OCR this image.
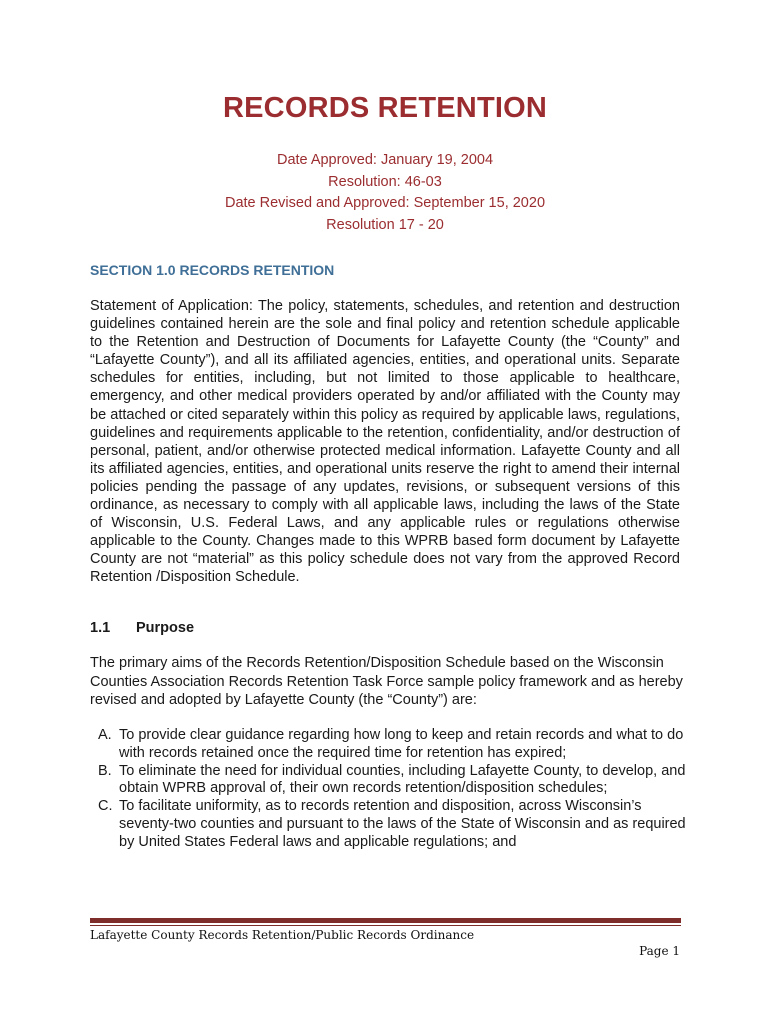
RECORDS RETENTION
Date Approved: January 19, 2004
Resolution: 46-03
Date Revised and Approved: September 15, 2020
Resolution 17 - 20
SECTION 1.0 RECORDS RETENTION

Statement of Application: The policy, statements, schedules, and retention and destruction guidelines contained herein are the sole and final policy and retention schedule applicable to the Retention and Destruction of Documents for Lafayette County (the “County” and “Lafayette County”), and all its affiliated agencies, entities, and operational units. Separate schedules for entities, including, but not limited to those applicable to healthcare, emergency, and other medical providers operated by and/or affiliated with the County may be attached or cited separately within this policy as required by applicable laws, regulations, guidelines and requirements applicable to the retention, confidentiality, and/or destruction of personal, patient, and/or otherwise protected medical information. Lafayette County and all its affiliated agencies, entities, and operational units reserve the right to amend their internal policies pending the passage of any updates, revisions, or subsequent versions of this ordinance, as necessary to comply with all applicable laws, including the laws of the State of Wisconsin, U.S. Federal Laws, and any applicable rules or regulations otherwise applicable to the County. Changes made to this WPRB based form document by Lafayette County are not “material” as this policy schedule does not vary from the approved Record Retention /Disposition Schedule.

1.1 Purpose

The primary aims of the Records Retention/Disposition Schedule based on the Wisconsin Counties Association Records Retention Task Force sample policy framework and as hereby revised and adopted by Lafayette County (the “County”) are:

A. To provide clear guidance regarding how long to keep and retain records and what to do with records retained once the required time for retention has expired;
B. To eliminate the need for individual counties, including Lafayette County, to develop, and obtain WPRB approval of, their own records retention/disposition schedules;
C. To facilitate uniformity, as to records retention and disposition, across Wisconsin’s seventy-two counties and pursuant to the laws of the State of Wisconsin and as required by United States Federal laws and applicable regulations; and
Lafayette County Records Retention/Public Records Ordinance
Page 1
